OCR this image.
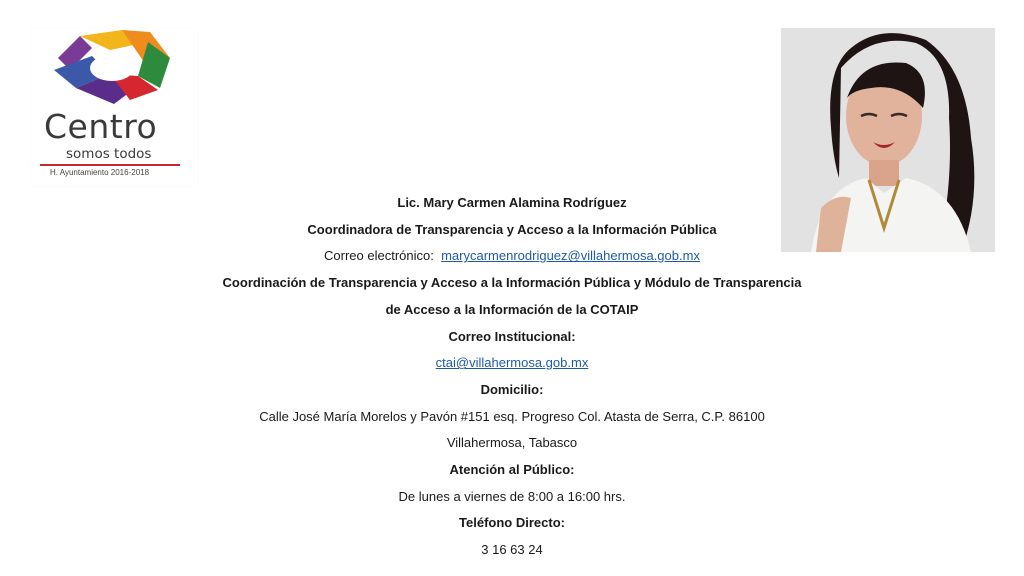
Centro
somos todos
H. Ayuntamiento 2016-2018
Lic. Mary Carmen Alamina Rodríguez
Coordinadora de Transparencia y Acceso a la Información Pública
Correo electrónico: marycarmenrodriguez@villahermosa.gob.mx
Coordinación de Transparencia y Acceso a la Información Pública y Módulo de Transparencia
de Acceso a la Información de la COTAIP
Correo Institucional:
ctai@villahermosa.gob.mx
Domicilio:
Calle José María Morelos y Pavón #151 esq. Progreso Col. Atasta de Serra, C.P. 86100
Villahermosa, Tabasco
Atención al Público:
De lunes a viernes de 8:00 a 16:00 hrs.
Teléfono Directo:
3 16 63 24
